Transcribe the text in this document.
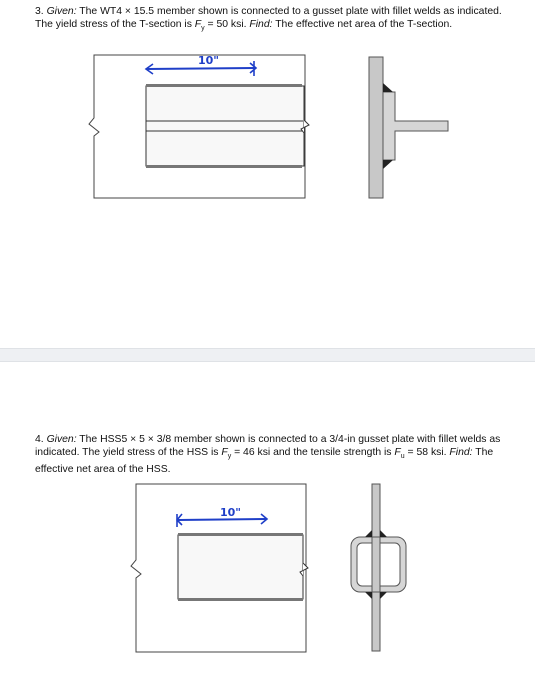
3. Given: The WT4 × 15.5 member shown is connected to a gusset plate with fillet welds as indicated. The yield stress of the T-section is $F_y = 50$ ksi. Find: The effective net area of the T-section.

10"

4. Given: The HSS5 × 5 × 3/8 member shown is connected to a 3/4-in gusset plate with fillet welds as indicated. The yield stress of the HSS is $F_y = 46$ ksi and the tensile strength is $F_u = 58$ ksi. Find: The effective net area of the HSS.

10"
